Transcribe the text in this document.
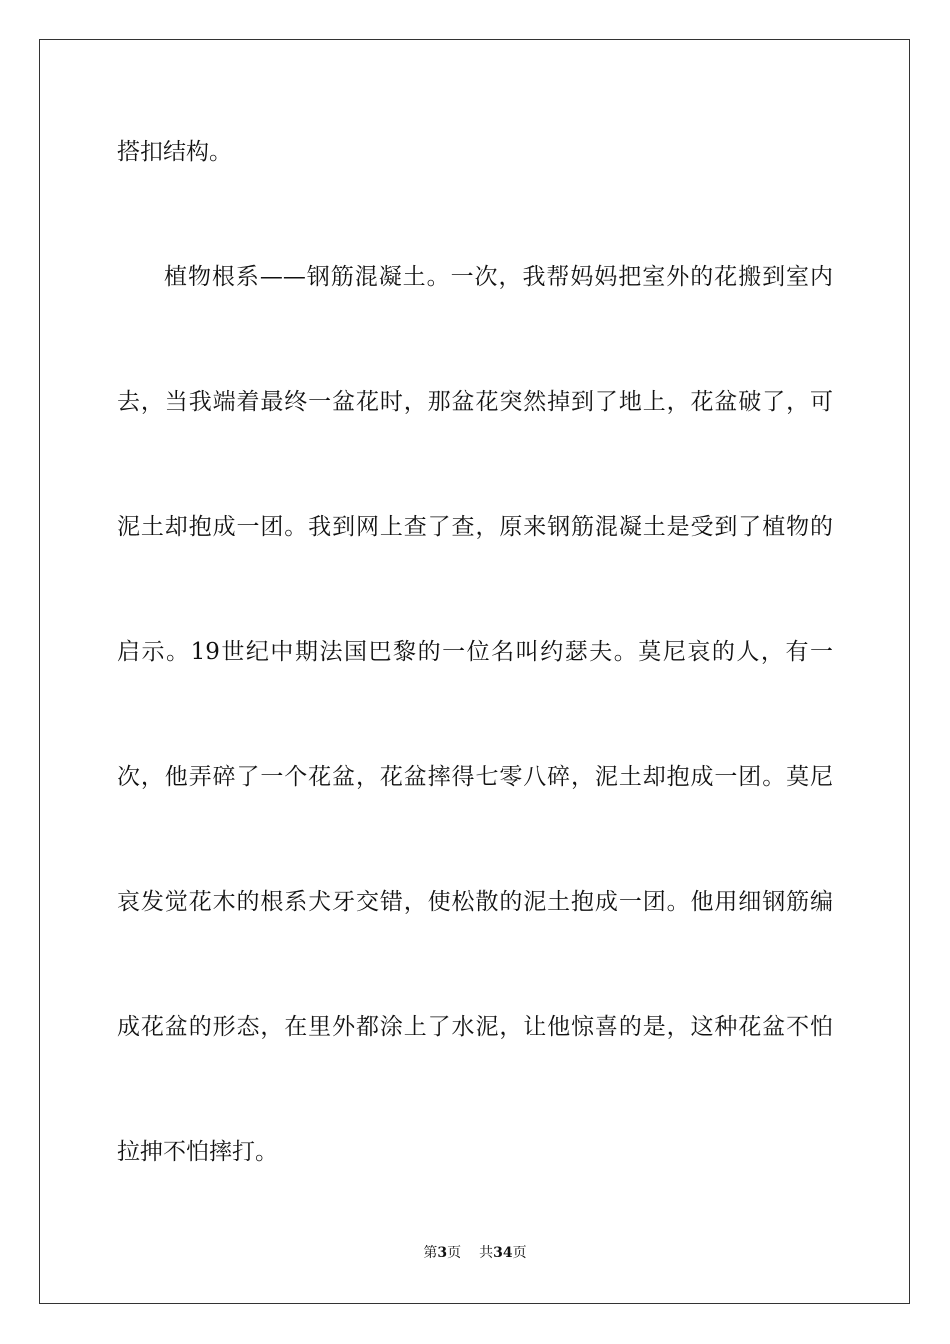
搭扣结构。
植物根系——钢筋混凝土。一次，我帮妈妈把室外的花搬到室内
去，当我端着最终一盆花时，那盆花突然掉到了地上，花盆破了，可
泥土却抱成一团。我到网上查了查，原来钢筋混凝土是受到了植物的
启示。19世纪中期法国巴黎的一位名叫约瑟夫。莫尼哀的人，有一
次，他弄碎了一个花盆，花盆摔得七零八碎，泥土却抱成一团。莫尼
哀发觉花木的根系犬牙交错，使松散的泥土抱成一团。他用细钢筋编
成花盆的形态，在里外都涂上了水泥，让他惊喜的是，这种花盆不怕
拉抻不怕摔打。
第3页 共34页
